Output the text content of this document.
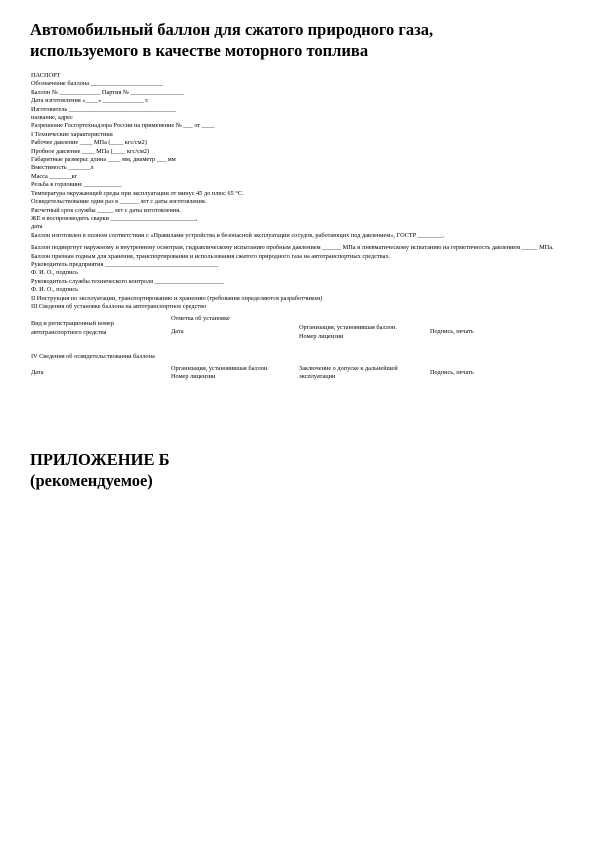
Автомобильный баллон для сжатого природного газа,
используемого в качестве моторного топлива
ПАСПОРТ
Обозначение баллона _______________________
Баллон № _____________ Партия № _________________
Дата изготовления «____» _____________ г.
Изготовитель __________________________________
название, адрес
Разрешение Госгортехнадзора России на применение № ___ от ____
I Технические характеристики
Рабочее давление ____ МПа (____ кгс/см2)
Пробное давление ____ МПа (____ кгс/см2)
Габаритные размеры: длина ____ мм, диаметр ___ мм
Вместимость _______л
Масса _______кг
Резьба в горловине ____________
Температура окружающей среды при эксплуатации от минус 45 до плюс 65 °С.
Освидетельствование один раз в ______ лет с даты изготовления.
Расчетный срок службы _____ лет с даты изготовления.
ЖЕ в воспроизводить сварки ___________________________,
дата
Баллон изготовлен в полном соответствии с «Правилами устройства и безопасной эксплуатации сосудов, работающих под давлением», ГОСТР ________.
Баллон подвергнут наружному и внутреннему осмотрам, гидравлическому испытанию пробным давлением ______ МПа и пневматическому испытанию на герметичность давлением _____ МПа. Баллон признан годным для хранения, транспортирования и использования сжатого природного газа на автотранспортных средствах.
Руководитель предприятия ____________________________________
Ф. И. О., подпись
Руководитель службы технического контроля ______________________
Ф. И. О., подпись
II Инструкция по эксплуатации, транспортированию и хранению (требования определяются разработчиком)
III Сведения об установке баллона на автотранспортное средство
Отметка об установке
Вид и регистрационный номер автотранспортного средства	Дата
Организация, установившая баллон. Номер лицензии
Подпись, печать
IV Сведения об освидетельствовании баллона
Дата
Организация, установившая баллон. Номер лицензии
Заключение о допуске к дальнейшей эксплуатации
Подпись, печать
ПРИЛОЖЕНИЕ Б
(рекомендуемое)
